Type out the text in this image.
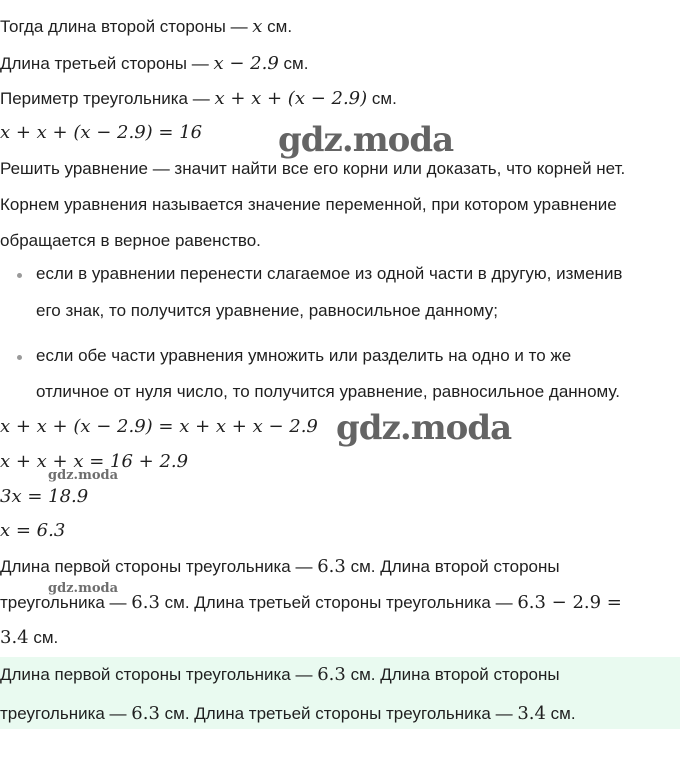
Тогда длина второй стороны — x см.
Длина третьей стороны — x − 2.9 см.
Периметр треугольника — x + x + (x − 2.9) см.
x + x + (x − 2.9) = 16 gdz.moda
Решить уравнение — значит найти все его корни или доказать, что корней нет.
Корнем уравнения называется значение переменной, при котором уравнение
обращается в верное равенство.
если в уравнении перенести слагаемое из одной части в другую, изменив
его знак, то получится уравнение, равносильное данному;
если обе части уравнения умножить или разделить на одно и то же
отличное от нуля число, то получится уравнение, равносильное данному.
x + x + (x − 2.9) = x + x + x − 2.9 gdz.moda
x + x + x = 16 + 2.9
gdz.moda
3x = 18.9
x = 6.3
Длина первой стороны треугольника — 6.3 см. Длина второй стороны
gdz.moda
треугольника — 6.3 см. Длина третьей стороны треугольника — 6.3 − 2.9 =
3.4 см.
Длина первой стороны треугольника — 6.3 см. Длина второй стороны
треугольника — 6.3 см. Длина третьей стороны треугольника — 3.4 см.
